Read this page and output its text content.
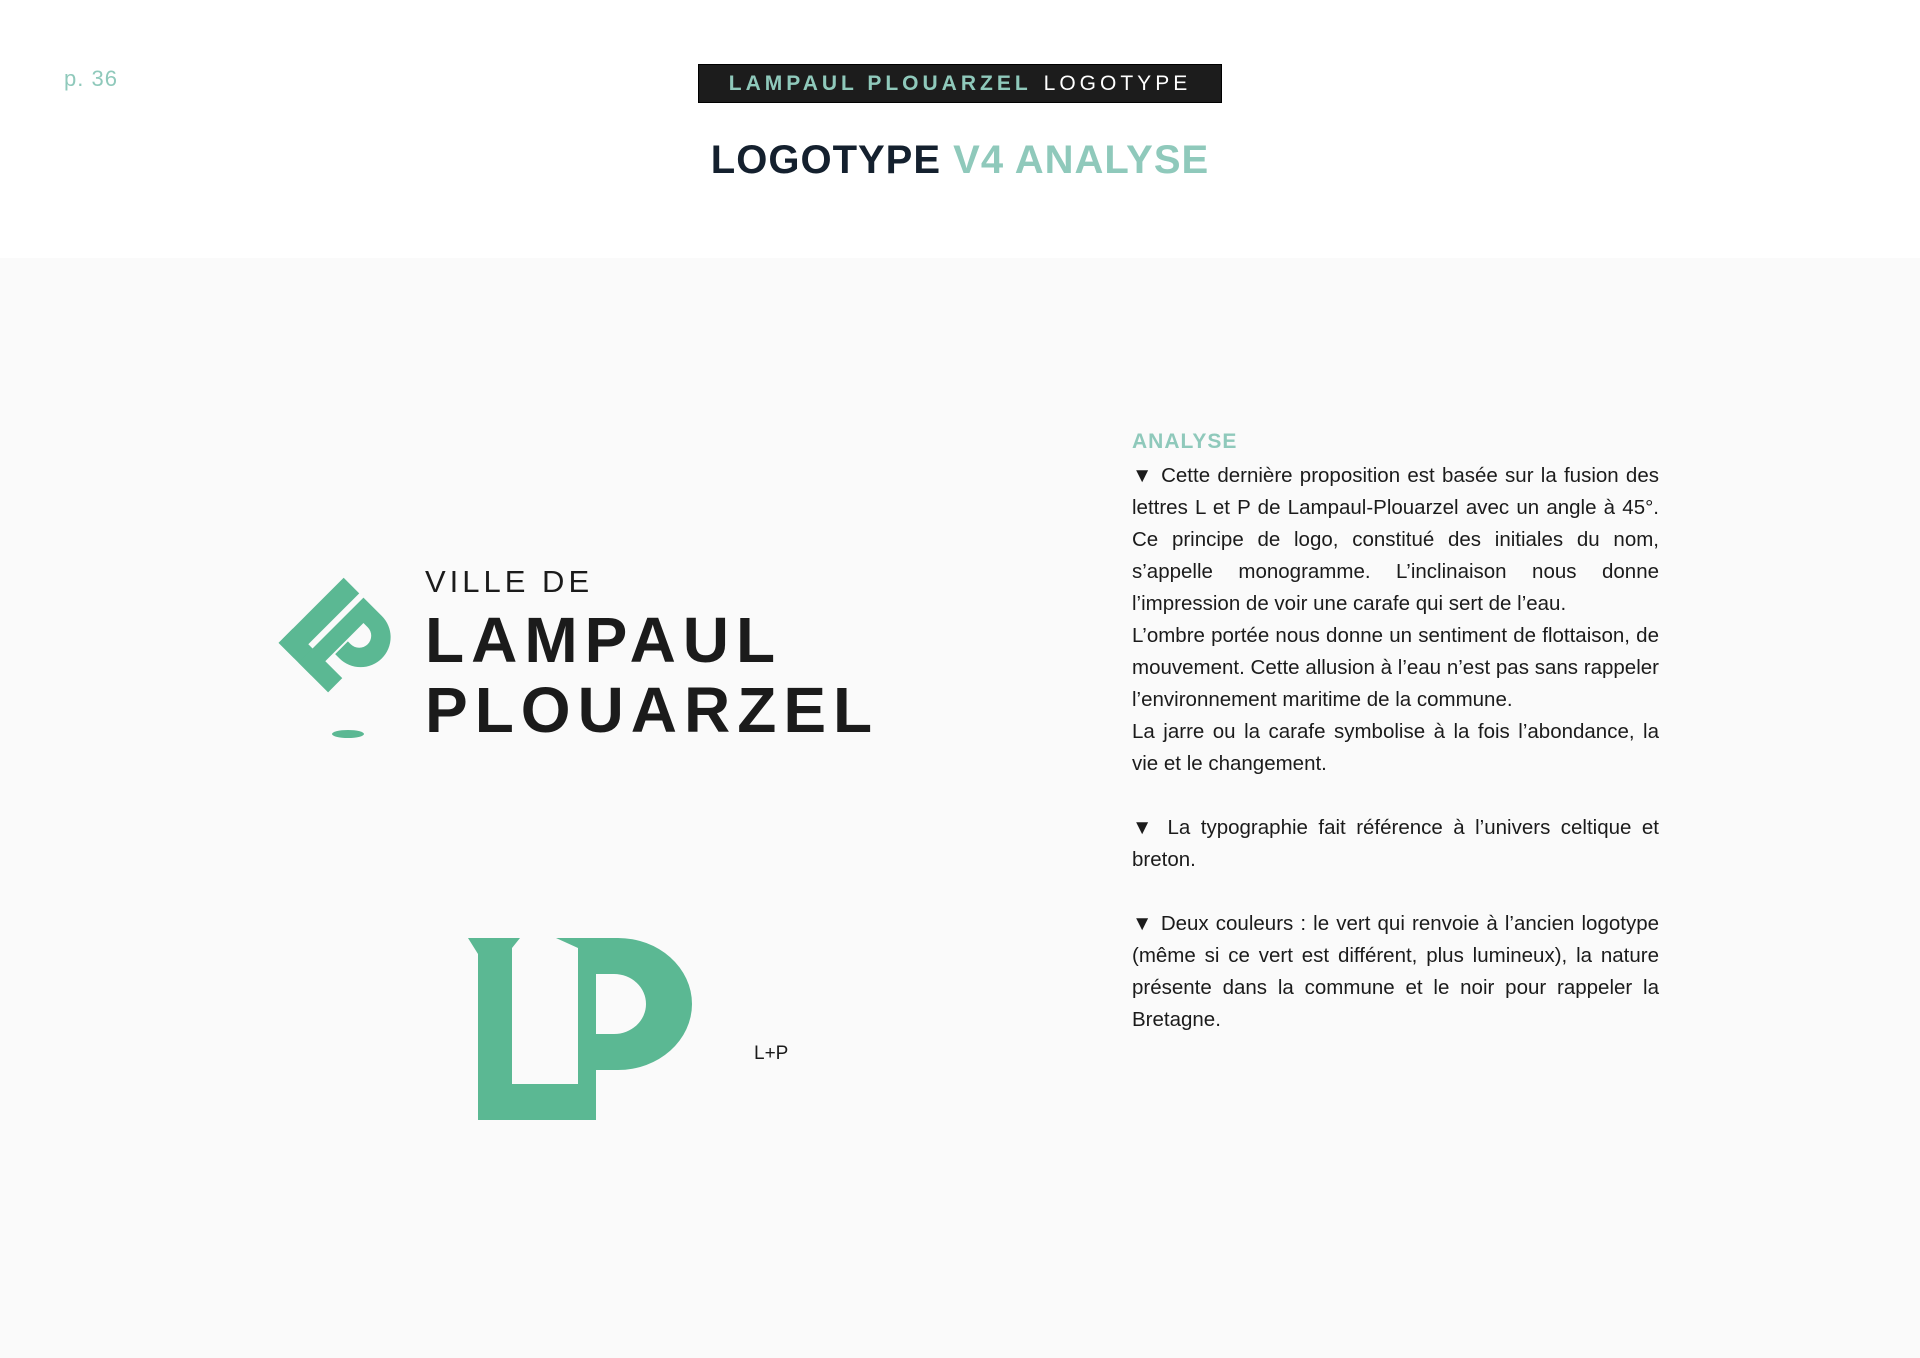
p. 36	LAMPAUL PLOUARZEL LOGOTYPE
LOGOTYPE V4 ANALYSE
VILLE DE
LAMPAUL
PLOUARZEL
L+P
ANALYSE

▼ Cette dernière proposition est basée sur la fusion des lettres L et P de Lampaul-Plouarzel avec un angle à 45°. Ce principe de logo, constitué des initiales du nom, s’appelle monogramme. L’inclinaison nous donne l’impression de voir une carafe qui sert de l’eau.

L’ombre portée nous donne un sentiment de flottaison, de mouvement. Cette allusion à l’eau n’est pas sans rappeler l’environnement maritime de la commune.

La jarre ou la carafe symbolise à la fois l’abondance, la vie et le changement.

▼ La typographie fait référence à l’univers celtique et breton.

▼ Deux couleurs : le vert qui renvoie à l’ancien logotype (même si ce vert est différent, plus lumineux), la nature présente dans la commune et le noir pour rappeler la Bretagne.
